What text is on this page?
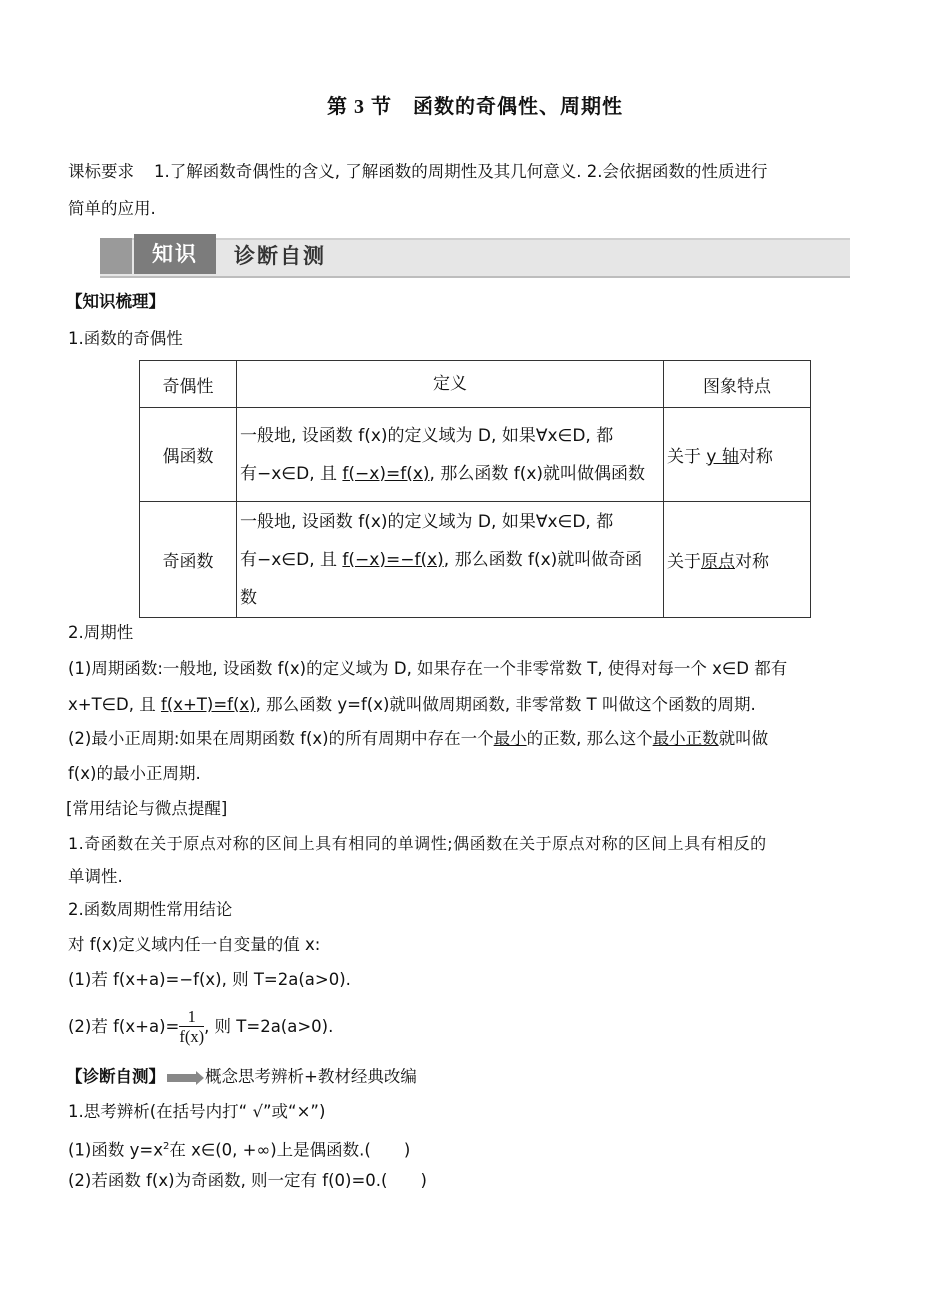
第 3 节　函数的奇偶性、周期性
课标要求 1.了解函数奇偶性的含义, 了解函数的周期性及其几何意义. 2.会依据函数的性质进行
简单的应用.
知识	诊断自测
【知识梳理】
1.函数的奇偶性
奇偶性	定义	图象特点
偶函数	一般地, 设函数 f(x)的定义域为 D, 如果∀x∈D, 都
有−x∈D, 且 f(−x)=f(x), 那么函数 f(x)就叫做偶函数	关于 y 轴对称
奇函数	一般地, 设函数 f(x)的定义域为 D, 如果∀x∈D, 都
有−x∈D, 且 f(−x)=−f(x), 那么函数 f(x)就叫做奇函
数	关于原点对称
2.周期性
(1)周期函数:一般地, 设函数 f(x)的定义域为 D, 如果存在一个非零常数 T, 使得对每一个 x∈D 都有
x+T∈D, 且 f(x+T)=f(x), 那么函数 y=f(x)就叫做周期函数, 非零常数 T 叫做这个函数的周期.
(2)最小正周期:如果在周期函数 f(x)的所有周期中存在一个最小的正数, 那么这个最小正数就叫做
f(x)的最小正周期.
[常用结论与微点提醒]
1.奇函数在关于原点对称的区间上具有相同的单调性;偶函数在关于原点对称的区间上具有相反的
单调性.
2.函数周期性常用结论
对 f(x)定义域内任一自变量的值 x:
(1)若 f(x+a)=−f(x), 则 T=2a(a>0).
(2)若 $f(x+a)= \frac{1}{f(x)}$ , 则 T=2a(a>0).
【诊断自测】 概念思考辨析+教材经典改编
1.思考辨析(在括号内打“ √”或“×”)
(1)函数 $y=x^2$在 x∈(0, +∞)上是偶函数.(　　)
(2)若函数 f(x)为奇函数, 则一定有 f(0)=0.(　　)
